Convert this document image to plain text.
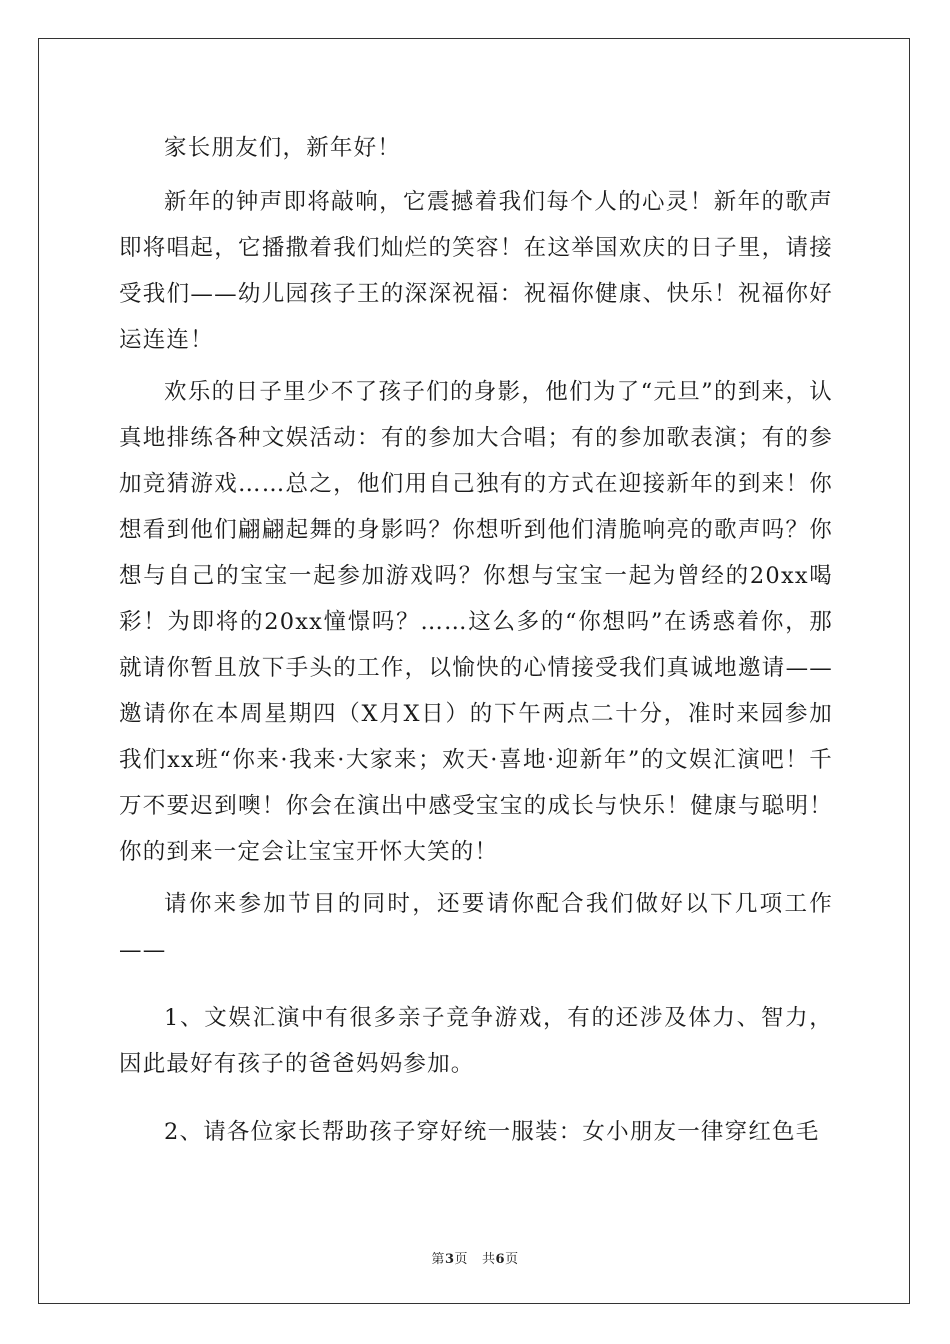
家长朋友们，新年好！

新年的钟声即将敲响，它震撼着我们每个人的心灵！新年的歌声即将唱起，它播撒着我们灿烂的笑容！在这举国欢庆的日子里，请接受我们——幼儿园孩子王的深深祝福：祝福你健康、快乐！祝福你好运连连！

欢乐的日子里少不了孩子们的身影，他们为了“元旦”的到来，认真地排练各种文娱活动：有的参加大合唱；有的参加歌表演；有的参加竞猜游戏……总之，他们用自己独有的方式在迎接新年的到来！你想看到他们翩翩起舞的身影吗？你想听到他们清脆响亮的歌声吗？你想与自己的宝宝一起参加游戏吗？你想与宝宝一起为曾经的20xx喝彩！为即将的20xx憧憬吗？……这么多的“你想吗”在诱惑着你，那就请你暂且放下手头的工作，以愉快的心情接受我们真诚地邀请——邀请你在本周星期四（X月X日）的下午两点二十分，准时来园参加我们xx班“你来·我来·大家来；欢天·喜地·迎新年”的文娱汇演吧！千万不要迟到噢！你会在演出中感受宝宝的成长与快乐！健康与聪明！你的到来一定会让宝宝开怀大笑的！

请你来参加节目的同时，还要请你配合我们做好以下几项工作——

1、文娱汇演中有很多亲子竞争游戏，有的还涉及体力、智力，因此最好有孩子的爸爸妈妈参加。

2、请各位家长帮助孩子穿好统一服装：女小朋友一律穿红色毛

第3页 共6页
